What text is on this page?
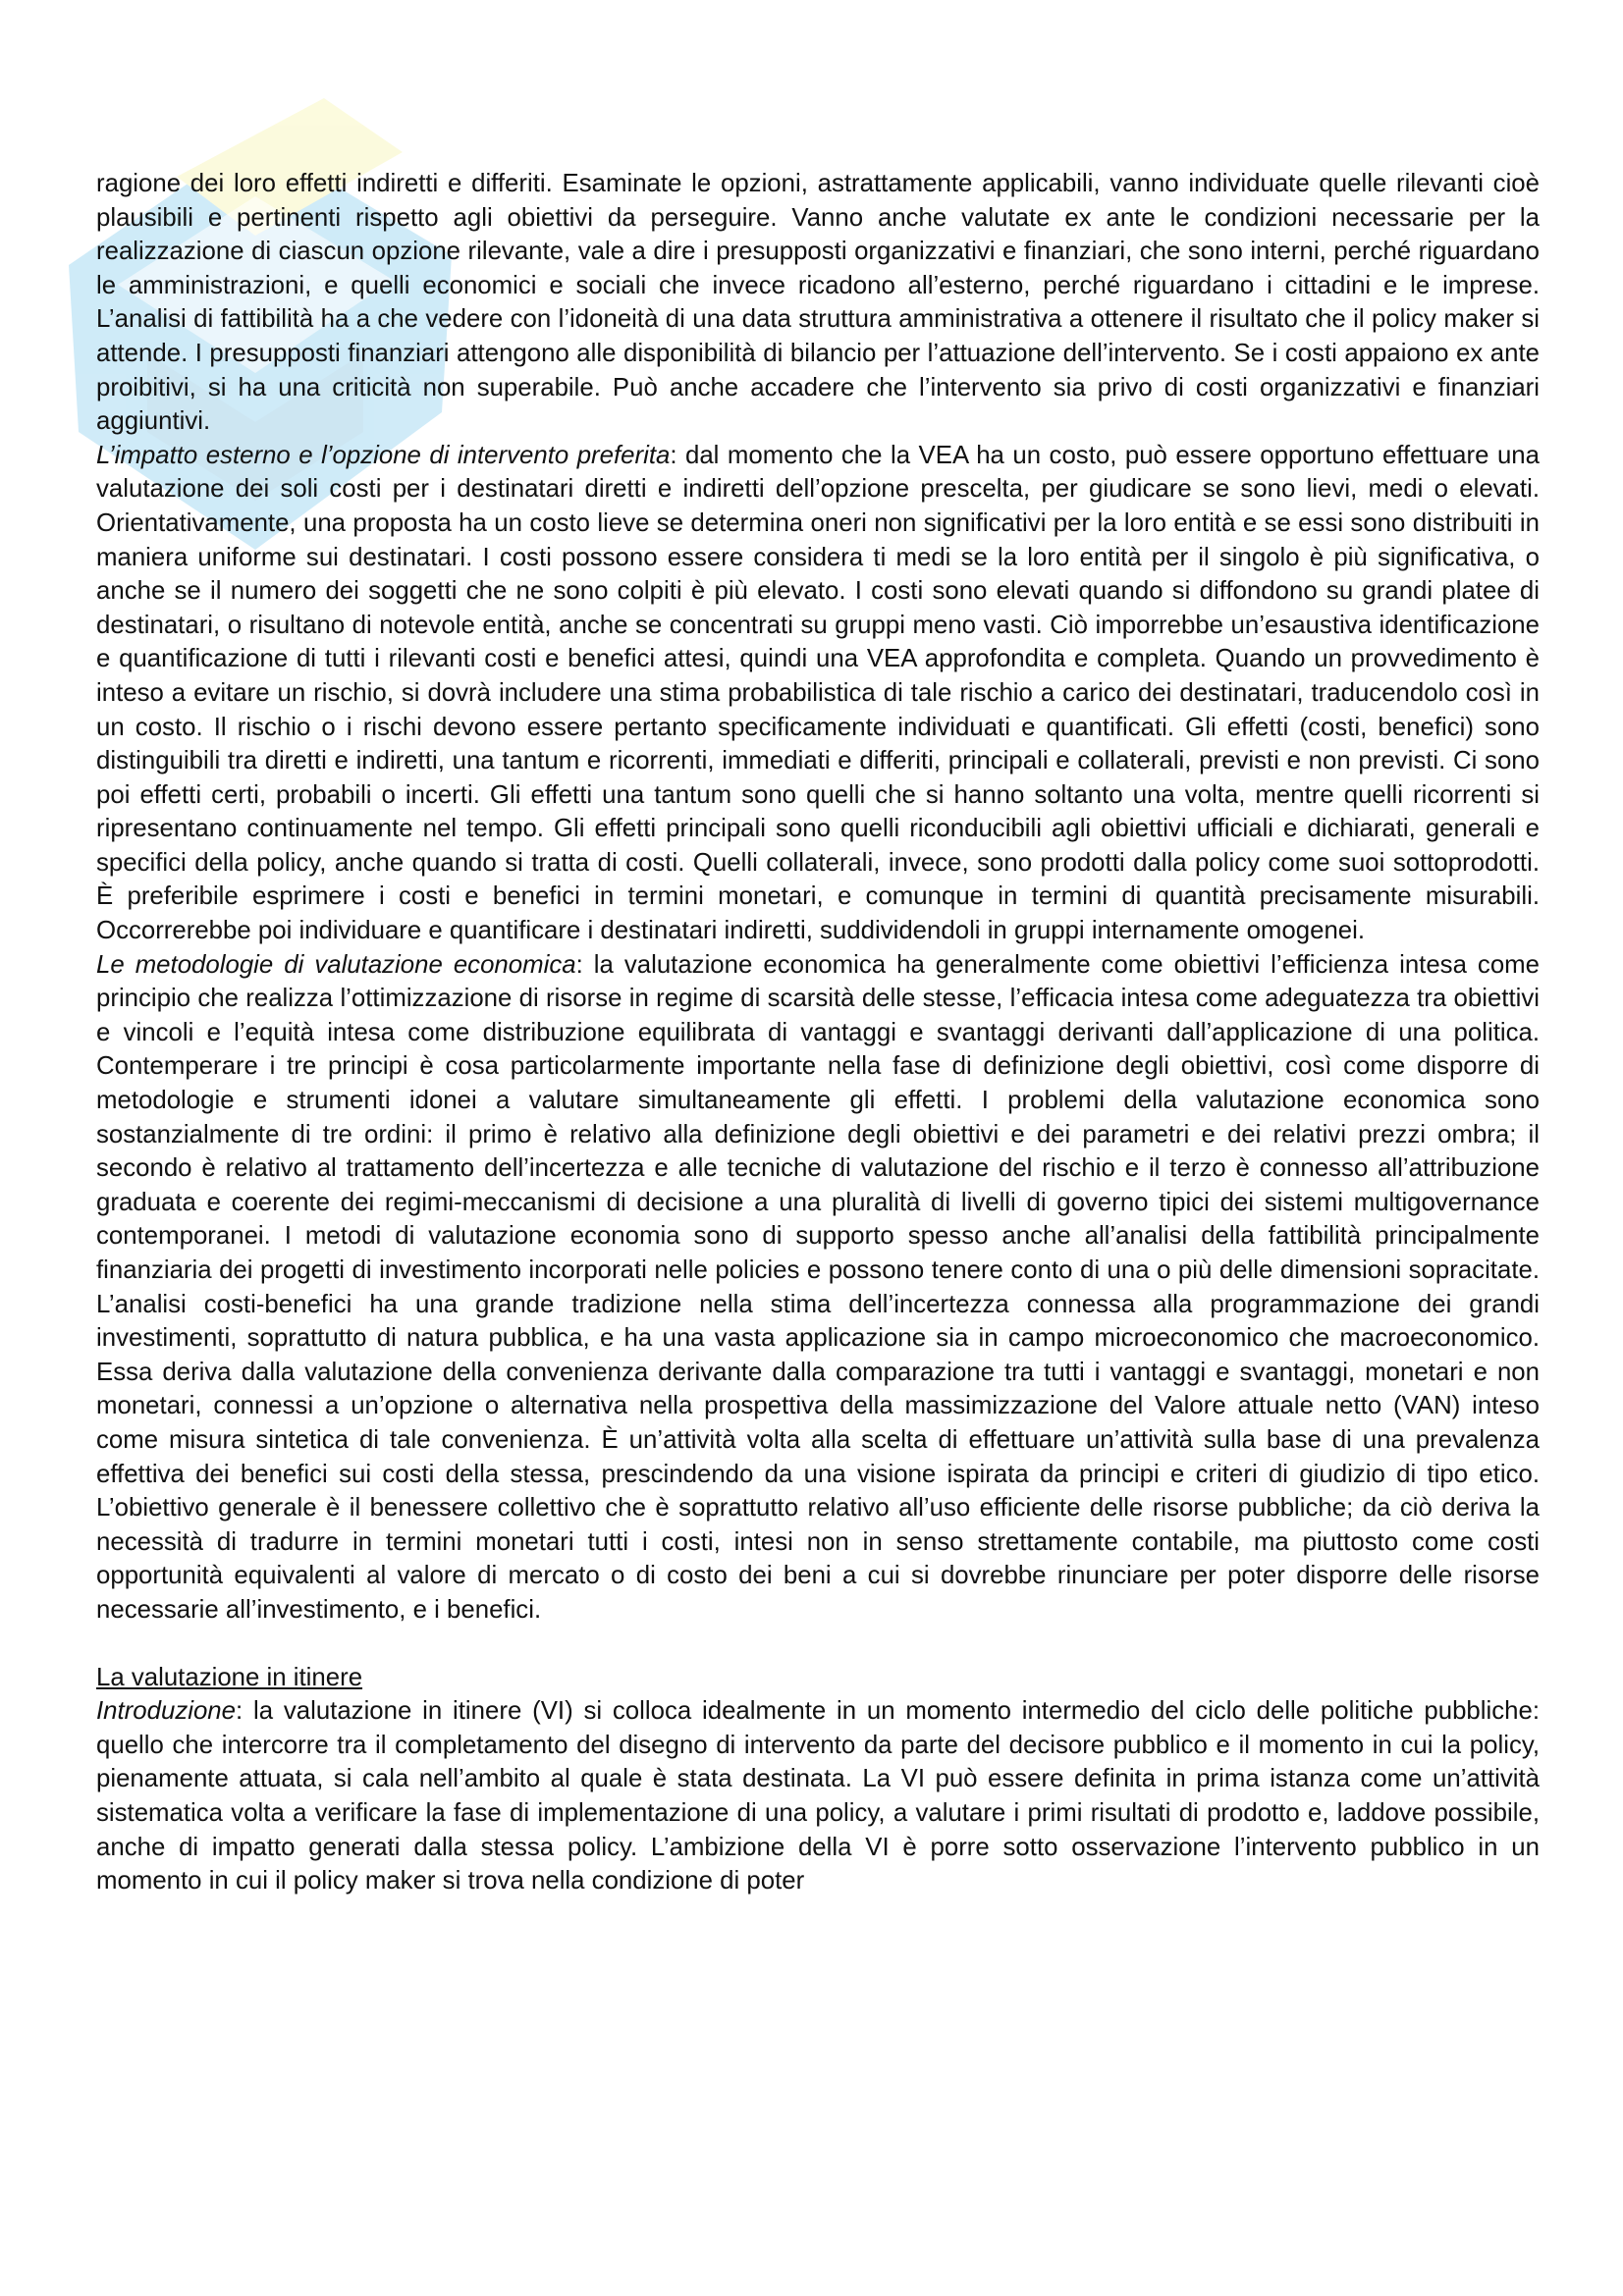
ragione dei loro effetti indiretti e differiti. Esaminate le opzioni, astrattamente applicabili, vanno individuate quelle rilevanti cioè plausibili e pertinenti rispetto agli obiettivi da perseguire. Vanno anche valutate ex ante le condizioni necessarie per la realizzazione di ciascun opzione rilevante, vale a dire i presupposti organizzativi e finanziari, che sono interni, perché riguardano le amministrazioni, e quelli economici e sociali che invece ricadono all’esterno, perché riguardano i cittadini e le imprese. L’analisi di fattibilità ha a che vedere con l’idoneità di una data struttura amministrativa a ottenere il risultato che il policy maker si attende. I presupposti finanziari attengono alle disponibilità di bilancio per l’attuazione dell’intervento. Se i costi appaiono ex ante proibitivi, si ha una criticità non superabile. Può anche accadere che l’intervento sia privo di costi organizzativi e finanziari aggiuntivi.

L’impatto esterno e l’opzione di intervento preferita: dal momento che la VEA ha un costo, può essere opportuno effettuare una valutazione dei soli costi per i destinatari diretti e indiretti dell’opzione prescelta, per giudicare se sono lievi, medi o elevati. Orientativamente, una proposta ha un costo lieve se determina oneri non significativi per la loro entità e se essi sono distribuiti in maniera uniforme sui destinatari. I costi possono essere considera ti medi se la loro entità per il singolo è più significativa, o anche se il numero dei soggetti che ne sono colpiti è più elevato. I costi sono elevati quando si diffondono su grandi platee di destinatari, o risultano di notevole entità, anche se concentrati su gruppi meno vasti. Ciò imporrebbe un’esaustiva identificazione e quantificazione di tutti i rilevanti costi e benefici attesi, quindi una VEA approfondita e completa. Quando un provvedimento è inteso a evitare un rischio, si dovrà includere una stima probabilistica di tale rischio a carico dei destinatari, traducendolo così in un costo. Il rischio o i rischi devono essere pertanto specificamente individuati e quantificati. Gli effetti (costi, benefici) sono distinguibili tra diretti e indiretti, una tantum e ricorrenti, immediati e differiti, principali e collaterali, previsti e non previsti. Ci sono poi effetti certi, probabili o incerti. Gli effetti una tantum sono quelli che si hanno soltanto una volta, mentre quelli ricorrenti si ripresentano continuamente nel tempo. Gli effetti principali sono quelli riconducibili agli obiettivi ufficiali e dichiarati, generali e specifici della policy, anche quando si tratta di costi. Quelli collaterali, invece, sono prodotti dalla policy come suoi sottoprodotti. È preferibile esprimere i costi e benefici in termini monetari, e comunque in termini di quantità precisamente misurabili. Occorrerebbe poi individuare e quantificare i destinatari indiretti, suddividendoli in gruppi internamente omogenei.

Le metodologie di valutazione economica: la valutazione economica ha generalmente come obiettivi l’efficienza intesa come principio che realizza l’ottimizzazione di risorse in regime di scarsità delle stesse, l’efficacia intesa come adeguatezza tra obiettivi e vincoli e l’equità intesa come distribuzione equilibrata di vantaggi e svantaggi derivanti dall’applicazione di una politica. Contemperare i tre principi è cosa particolarmente importante nella fase di definizione degli obiettivi, così come disporre di metodologie e strumenti idonei a valutare simultaneamente gli effetti. I problemi della valutazione economica sono sostanzialmente di tre ordini: il primo è relativo alla definizione degli obiettivi e dei parametri e dei relativi prezzi ombra; il secondo è relativo al trattamento dell’incertezza e alle tecniche di valutazione del rischio e il terzo è connesso all’attribuzione graduata e coerente dei regimi-meccanismi di decisione a una pluralità di livelli di governo tipici dei sistemi multigovernance contemporanei. I metodi di valutazione economia sono di supporto spesso anche all’analisi della fattibilità principalmente finanziaria dei progetti di investimento incorporati nelle policies e possono tenere conto di una o più delle dimensioni sopracitate. L’analisi costi-benefici ha una grande tradizione nella stima dell’incertezza connessa alla programmazione dei grandi investimenti, soprattutto di natura pubblica, e ha una vasta applicazione sia in campo microeconomico che macroeconomico. Essa deriva dalla valutazione della convenienza derivante dalla comparazione tra tutti i vantaggi e svantaggi, monetari e non monetari, connessi a un’opzione o alternativa nella prospettiva della massimizzazione del Valore attuale netto (VAN) inteso come misura sintetica di tale convenienza. È un’attività volta alla scelta di effettuare un’attività sulla base di una prevalenza effettiva dei benefici sui costi della stessa, prescindendo da una visione ispirata da principi e criteri di giudizio di tipo etico. L’obiettivo generale è il benessere collettivo che è soprattutto relativo all’uso efficiente delle risorse pubbliche; da ciò deriva la necessità di tradurre in termini monetari tutti i costi, intesi non in senso strettamente contabile, ma piuttosto come costi opportunità equivalenti al valore di mercato o di costo dei beni a cui si dovrebbe rinunciare per poter disporre delle risorse necessarie all’investimento, e i benefici.

La valutazione in itinere

Introduzione: la valutazione in itinere (VI) si colloca idealmente in un momento intermedio del ciclo delle politiche pubbliche: quello che intercorre tra il completamento del disegno di intervento da parte del decisore pubblico e il momento in cui la policy, pienamente attuata, si cala nell’ambito al quale è stata destinata. La VI può essere definita in prima istanza come un’attività sistematica volta a verificare la fase di implementazione di una policy, a valutare i primi risultati di prodotto e, laddove possibile, anche di impatto generati dalla stessa policy. L’ambizione della VI è porre sotto osservazione l’intervento pubblico in un momento in cui il policy maker si trova nella condizione di poter
